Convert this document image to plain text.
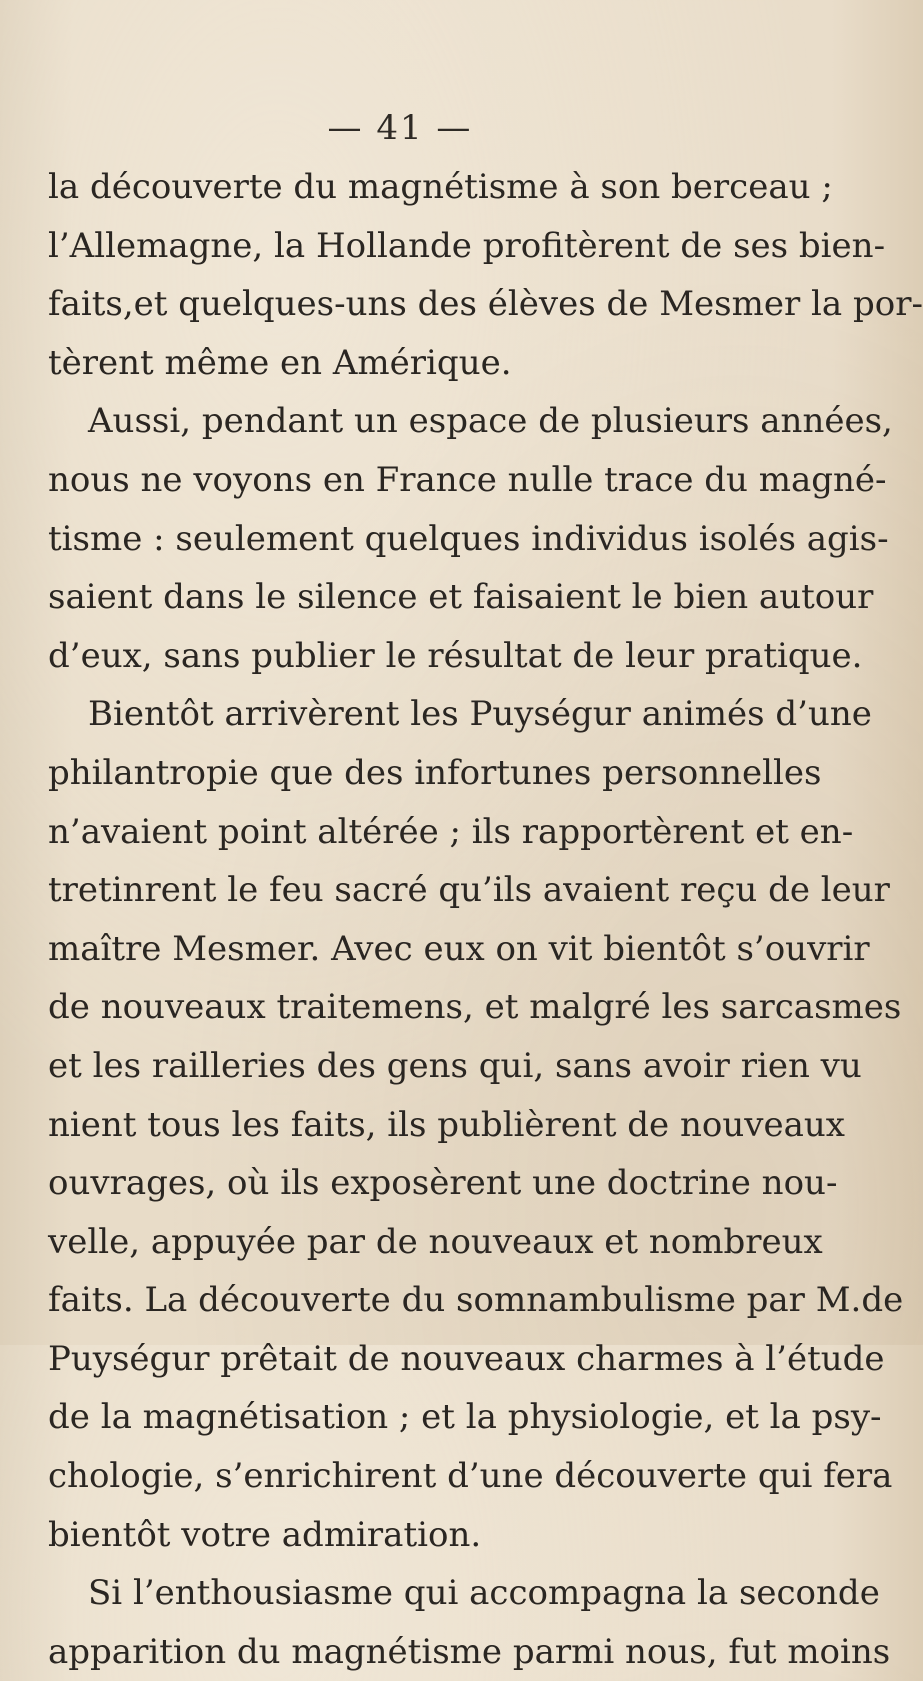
— 41 —
la découverte du magnétisme à son berceau ;
l’Allemagne, la Hollande profitèrent de ses bien-
faits,et quelques-uns des élèves de Mesmer la por-
tèrent même en Amérique.
Aussi, pendant un espace de plusieurs années,
nous ne voyons en France nulle trace du magné-
tisme : seulement quelques individus isolés agis-
saient dans le silence et faisaient le bien autour
d’eux, sans publier le résultat de leur pratique.
Bientôt arrivèrent les Puységur animés d’une
philantropie que des infortunes personnelles
n’avaient point altérée ; ils rapportèrent et en-
tretinrent le feu sacré qu’ils avaient reçu de leur
maître Mesmer. Avec eux on vit bientôt s’ouvrir
de nouveaux traitemens, et malgré les sarcasmes
et les railleries des gens qui, sans avoir rien vu
nient tous les faits, ils publièrent de nouveaux
ouvrages, où ils exposèrent une doctrine nou-
velle, appuyée par de nouveaux et nombreux
faits. La découverte du somnambulisme par M.de
Puységur prêtait de nouveaux charmes à l’étude
de la magnétisation ; et la physiologie, et la psy-
chologie, s’enrichirent d’une découverte qui fera
bientôt votre admiration.
Si l’enthousiasme qui accompagna la seconde
apparition du magnétisme parmi nous, fut moins
